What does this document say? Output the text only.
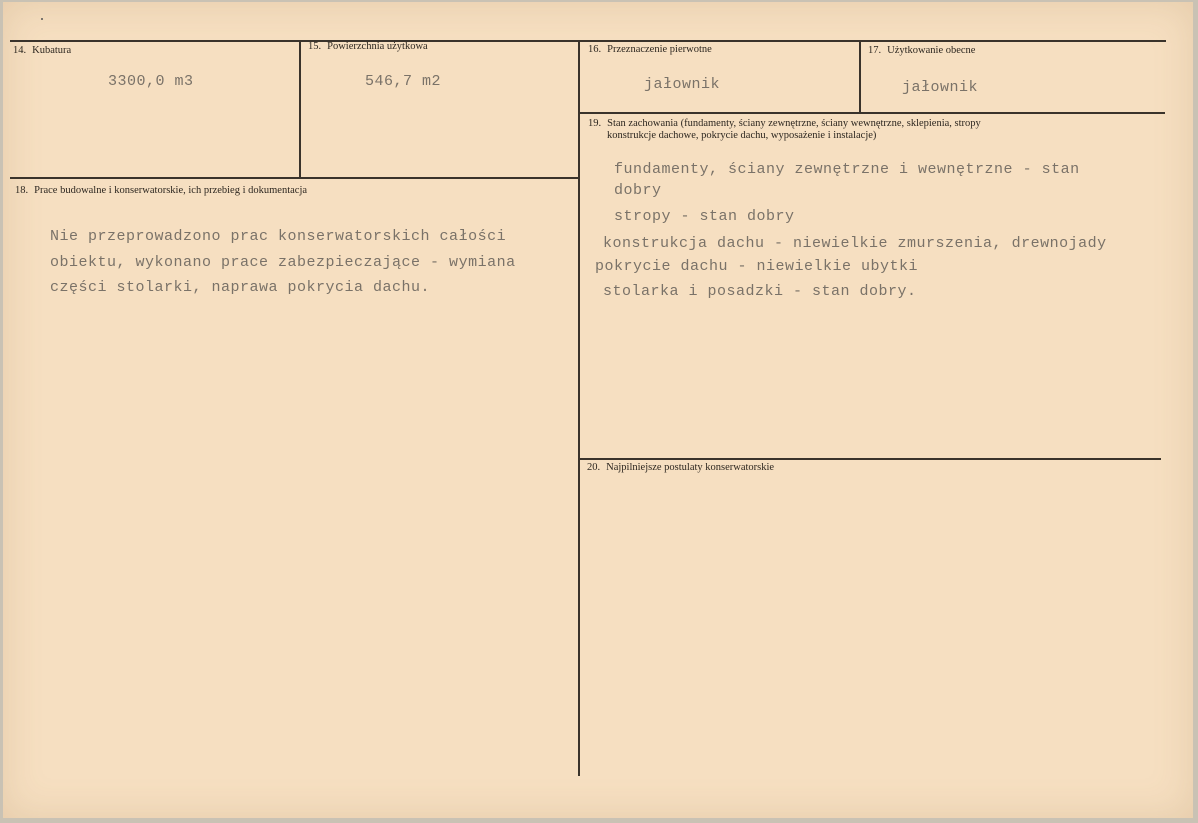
14. Kubatura
3300,0 m3
15. Powierzchnia użytkowa
546,7 m2
16. Przeznaczenie pierwotne
jałownik
17. Użytkowanie obecne
jałownik
19. Stan zachowania (fundamenty, ściany zewnętrzne, ściany wewnętrzne, sklepienia, stropy
konstrukcje dachowe, pokrycie dachu, wyposażenie i instalacje)
fundamenty, ściany zewnętrzne i wewnętrzne - stan
dobry
stropy - stan dobry
konstrukcja dachu - niewielkie zmurszenia, drewnojady
pokrycie dachu - niewielkie ubytki
stolarka i posadzki - stan dobry.
18. Prace budowalne i konserwatorskie, ich przebieg i dokumentacja
Nie przeprowadzono prac konserwatorskich całości
obiektu, wykonano prace zabezpieczające - wymiana
części stolarki, naprawa pokrycia dachu.
20. Najpilniejsze postulaty konserwatorskie
